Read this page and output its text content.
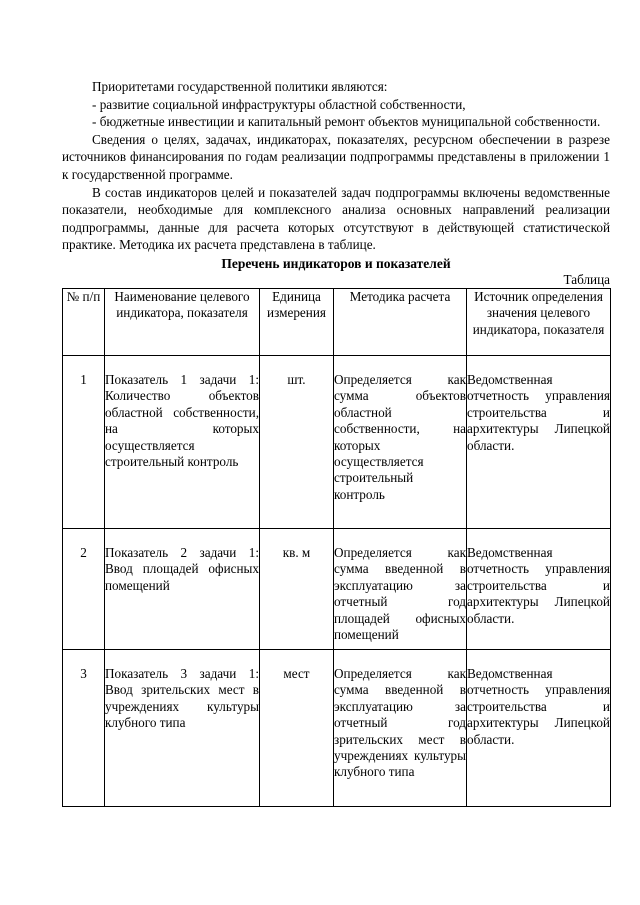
Приоритетами государственной политики являются:

- развитие социальной инфраструктуры областной собственности,

- бюджетные инвестиции и капитальный ремонт объектов муниципальной собственности.

Сведения о целях, задачах, индикаторах, показателях, ресурсном обеспечении в разрезе источников финансирования по годам реализации подпрограммы представлены в приложении 1 к государственной программе.

В состав индикаторов целей и показателей задач подпрограммы включены ведомственные показатели, необходимые для комплексного анализа основных направлений реализации подпрограммы, данные для расчета которых отсутствуют в действующей статистической практике. Методика их расчета представлена в таблице.

Перечень индикаторов и показателей
Таблица
№ п/п	Наименование целевого индикатора, показателя	Единица измерения	Методика расчета	Источник определения значения целевого индикатора, показателя
1	Показатель 1 задачи 1: Количество объектов областной собственности, на которых осуществляется строительный контроль	шт.	Определяется как сумма объектов областной собственности, на которых осуществляется строительный контроль	Ведомственная отчетность управления строительства и архитектуры Липецкой области.
2	Показатель 2 задачи 1: Ввод площадей офисных помещений	кв. м	Определяется как сумма введенной в эксплуатацию за отчетный год площадей офисных помещений	Ведомственная отчетность управления строительства и архитектуры Липецкой области.
3	Показатель 3 задачи 1: Ввод зрительских мест в учреждениях культуры клубного типа	мест	Определяется как сумма введенной в эксплуатацию за отчетный год зрительских мест в учреждениях культуры клубного типа	Ведомственная отчетность управления строительства и архитектуры Липецкой области.
